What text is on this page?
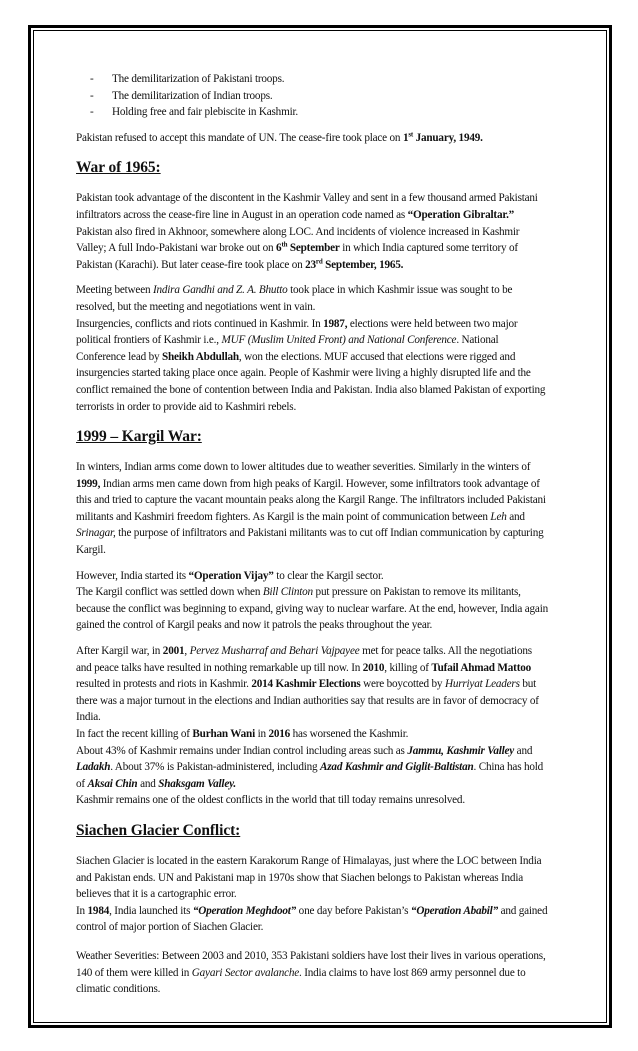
- The demilitarization of Pakistani troops.
- The demilitarization of Indian troops.
- Holding free and fair plebiscite in Kashmir.

Pakistan refused to accept this mandate of UN. The cease-fire took place on 1st January, 1949.

War of 1965:

Pakistan took advantage of the discontent in the Kashmir Valley and sent in a few thousand armed Pakistani infiltrators across the cease-fire line in August in an operation code named as “Operation Gibraltar.” Pakistan also fired in Akhnoor, somewhere along LOC. And incidents of violence increased in Kashmir Valley; A full Indo-Pakistani war broke out on 6th September in which India captured some territory of Pakistan (Karachi). But later cease-fire took place on 23rd September, 1965.

Meeting between Indira Gandhi and Z. A. Bhutto took place in which Kashmir issue was sought to be resolved, but the meeting and negotiations went in vain.

Insurgencies, conflicts and riots continued in Kashmir. In 1987, elections were held between two major political frontiers of Kashmir i.e., MUF (Muslim United Front) and National Conference. National Conference lead by Sheikh Abdullah, won the elections. MUF accused that elections were rigged and insurgencies started taking place once again. People of Kashmir were living a highly disrupted life and the conflict remained the bone of contention between India and Pakistan. India also blamed Pakistan of exporting terrorists in order to provide aid to Kashmiri rebels.

1999 – Kargil War:

In winters, Indian arms come down to lower altitudes due to weather severities. Similarly in the winters of 1999, Indian arms men came down from high peaks of Kargil. However, some infiltrators took advantage of this and tried to capture the vacant mountain peaks along the Kargil Range. The infiltrators included Pakistani militants and Kashmiri freedom fighters. As Kargil is the main point of communication between Leh and Srinagar, the purpose of infiltrators and Pakistani militants was to cut off Indian communication by capturing Kargil.

However, India started its “Operation Vijay” to clear the Kargil sector.

The Kargil conflict was settled down when Bill Clinton put pressure on Pakistan to remove its militants, because the conflict was beginning to expand, giving way to nuclear warfare. At the end, however, India again gained the control of Kargil peaks and now it patrols the peaks throughout the year.

After Kargil war, in 2001, Pervez Musharraf and Behari Vajpayee met for peace talks. All the negotiations and peace talks have resulted in nothing remarkable up till now. In 2010, killing of Tufail Ahmad Mattoo resulted in protests and riots in Kashmir. 2014 Kashmir Elections were boycotted by Hurriyat Leaders but there was a major turnout in the elections and Indian authorities say that results are in favor of democracy of India.

In fact the recent killing of Burhan Wani in 2016 has worsened the Kashmir.

About 43% of Kashmir remains under Indian control including areas such as Jammu, Kashmir Valley and Ladakh. About 37% is Pakistan-administered, including Azad Kashmir and Giglit-Baltistan. China has hold of Aksai Chin and Shaksgam Valley.

Kashmir remains one of the oldest conflicts in the world that till today remains unresolved.

Siachen Glacier Conflict:

Siachen Glacier is located in the eastern Karakorum Range of Himalayas, just where the LOC between India and Pakistan ends. UN and Pakistani map in 1970s show that Siachen belongs to Pakistan whereas India believes that it is a cartographic error.

In 1984, India launched its “Operation Meghdoot” one day before Pakistan’s “Operation Ababil” and gained control of major portion of Siachen Glacier.

Weather Severities: Between 2003 and 2010, 353 Pakistani soldiers have lost their lives in various operations, 140 of them were killed in Gayari Sector avalanche. India claims to have lost 869 army personnel due to climatic conditions.
